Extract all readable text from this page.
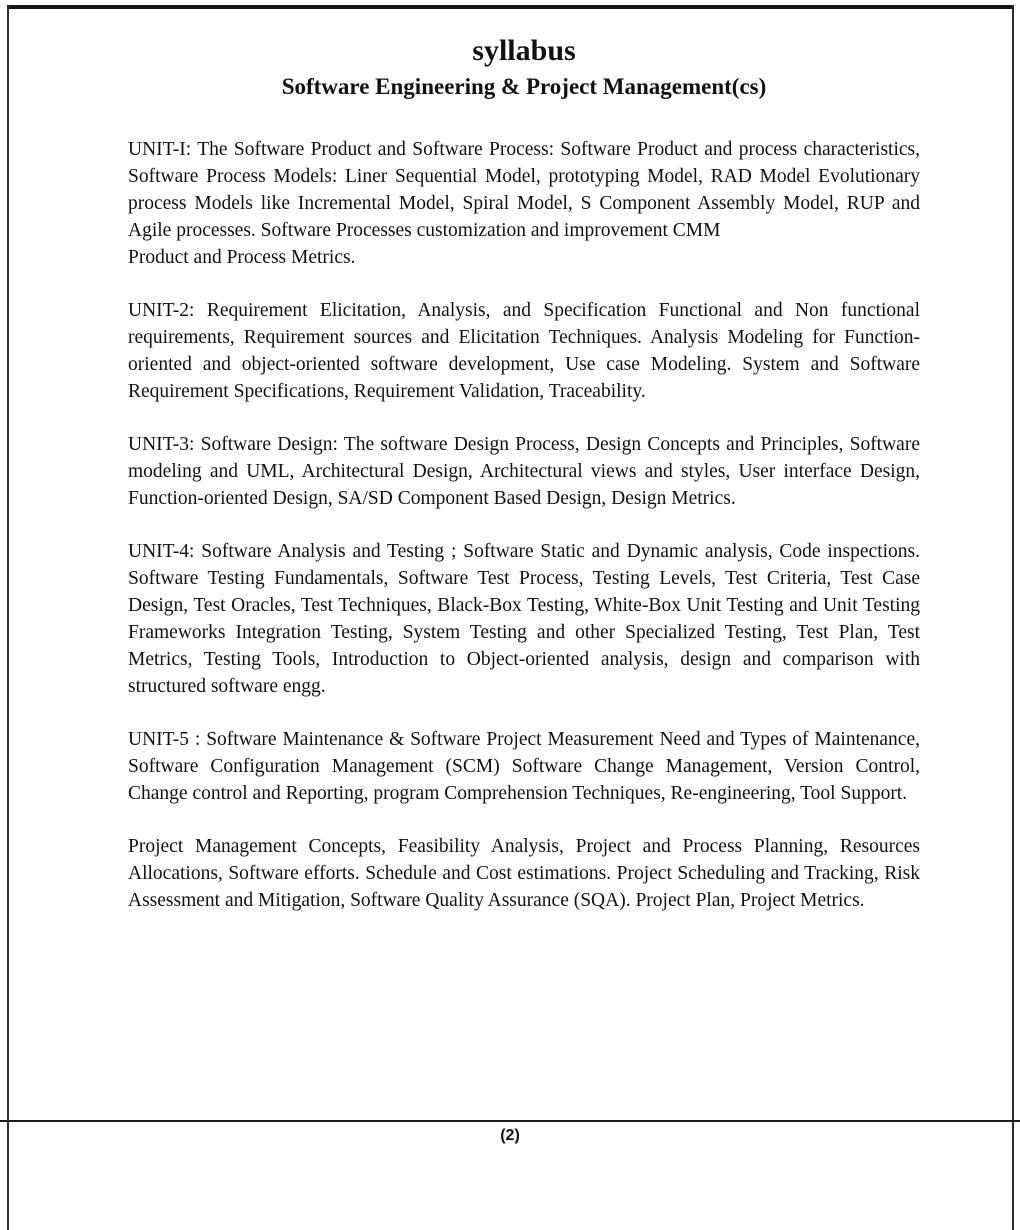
syllabus
Software Engineering & Project Management(cs)

UNIT-I: The Software Product and Software Process: Software Product and process characteristics, Software Process Models: Liner Sequential Model, prototyping Model, RAD Model Evolutionary process Models like Incremental Model, Spiral Model, S Component Assembly Model, RUP and Agile processes. Software Processes customization and improvement CMM
Product and Process Metrics.

UNIT-2: Requirement Elicitation, Analysis, and Specification Functional and Non functional requirements, Requirement sources and Elicitation Techniques. Analysis Modeling for Function-oriented and object-oriented software development, Use case Modeling. System and Software Requirement Specifications, Requirement Validation, Traceability.

UNIT-3: Software Design: The software Design Process, Design Concepts and Principles, Software modeling and UML, Architectural Design, Architectural views and styles, User interface Design, Function-oriented Design, SA/SD Component Based Design, Design Metrics.

UNIT-4: Software Analysis and Testing ; Software Static and Dynamic analysis, Code inspections. Software Testing Fundamentals, Software Test Process, Testing Levels, Test Criteria, Test Case Design, Test Oracles, Test Techniques, Black-Box Testing, White-Box Unit Testing and Unit Testing Frameworks Integration Testing, System Testing and other Specialized Testing, Test Plan, Test Metrics, Testing Tools, Introduction to Object-oriented analysis, design and comparison with structured software engg.

UNIT-5 : Software Maintenance & Software Project Measurement Need and Types of Maintenance, Software Configuration Management (SCM) Software Change Management, Version Control, Change control and Reporting, program Comprehension Techniques, Re-engineering, Tool Support.

Project Management Concepts, Feasibility Analysis, Project and Process Planning, Resources Allocations, Software efforts. Schedule and Cost estimations. Project Scheduling and Tracking, Risk Assessment and Mitigation, Software Quality Assurance (SQA). Project Plan, Project Metrics.

(2)
